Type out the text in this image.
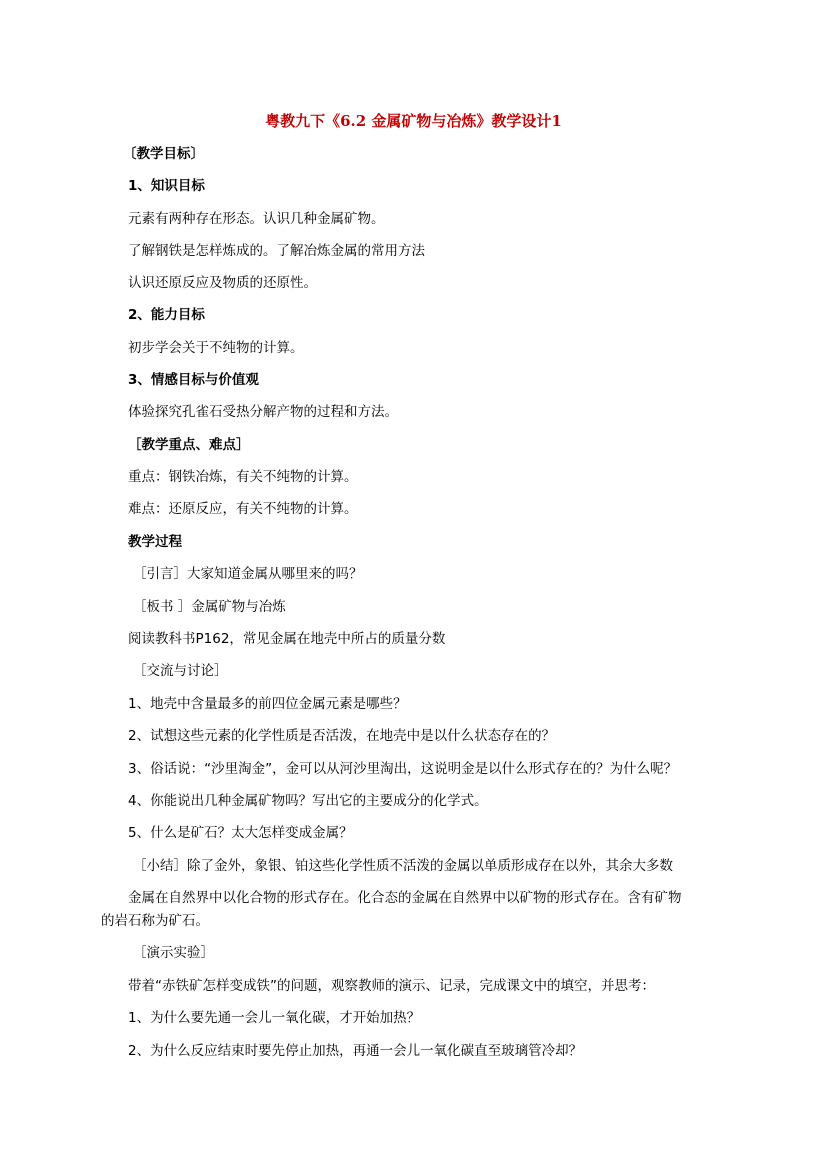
粤教九下《6.2 金属矿物与冶炼》教学设计1
〔教学目标〕
1、知识目标
元素有两种存在形态。认识几种金属矿物。
了解钢铁是怎样炼成的。了解冶炼金属的常用方法
认识还原反应及物质的还原性。
2、能力目标
初步学会关于不纯物的计算。
3、情感目标与价值观
体验探究孔雀石受热分解产物的过程和方法。
［教学重点、难点］
重点：钢铁冶炼，有关不纯物的计算。
难点：还原反应，有关不纯物的计算。
教学过程
［引言］大家知道金属从哪里来的吗？
［板书 ］金属矿物与冶炼
阅读教科书P162，常见金属在地壳中所占的质量分数
［交流与讨论］
1、地壳中含量最多的前四位金属元素是哪些？
2、试想这些元素的化学性质是否活泼，在地壳中是以什么状态存在的？
3、俗话说：“沙里淘金”，金可以从河沙里淘出，这说明金是以什么形式存在的？为什么呢？
4、你能说出几种金属矿物吗？写出它的主要成分的化学式。
5、什么是矿石？太大怎样变成金属？
［小结］除了金外，象银、铂这些化学性质不活泼的金属以单质形成存在以外，其余大多数
金属在自然界中以化合物的形式存在。化合态的金属在自然界中以矿物的形式存在。含有矿物
的岩石称为矿石。
［演示实验］
带着“赤铁矿怎样变成铁”的问题，观察教师的演示、记录，完成课文中的填空，并思考：
1、为什么要先通一会儿一氧化碳，才开始加热？
2、为什么反应结束时要先停止加热，再通一会儿一氧化碳直至玻璃管冷却？
